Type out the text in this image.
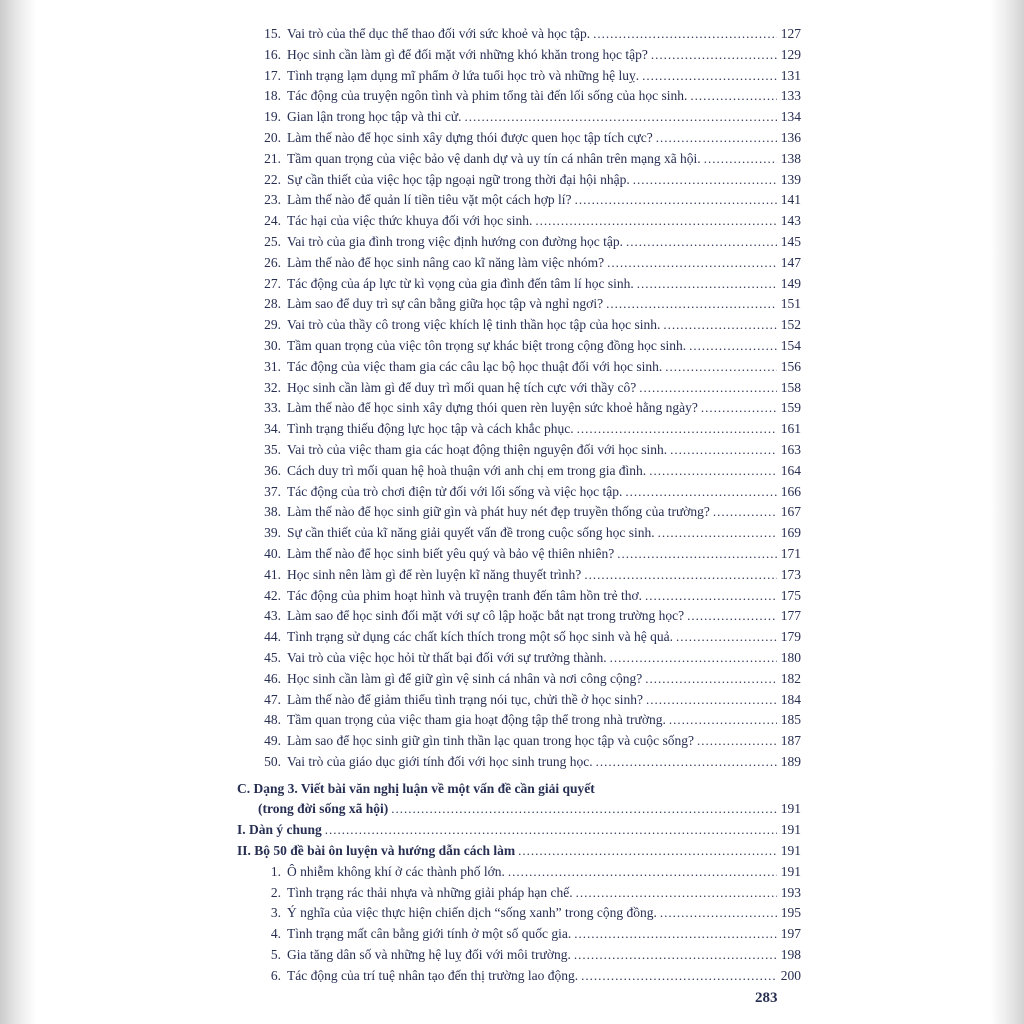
15. Vai trò của thể dục thể thao đối với sức khoẻ và học tập. .....	127
16. Học sinh cần làm gì để đối mặt với những khó khăn trong học tập? .....	129
17. Tình trạng lạm dụng mĩ phẩm ở lứa tuổi học trò và những hệ luỵ. .....	131
18. Tác động của truyện ngôn tình và phim tổng tài đến lối sống của học sinh. .....	133
19. Gian lận trong học tập và thi cử. .....	134
20. Làm thế nào để học sinh xây dựng thói được quen học tập tích cực? .....	136
21. Tầm quan trọng của việc bảo vệ danh dự và uy tín cá nhân trên mạng xã hội. .....	138
22. Sự cần thiết của việc học tập ngoại ngữ trong thời đại hội nhập. .....	139
23. Làm thế nào để quản lí tiền tiêu vặt một cách hợp lí? .....	141
24. Tác hại của việc thức khuya đối với học sinh. .....	143
25. Vai trò của gia đình trong việc định hướng con đường học tập. .....	145
26. Làm thế nào để học sinh nâng cao kĩ năng làm việc nhóm? .....	147
27. Tác động của áp lực từ kì vọng của gia đình đến tâm lí học sinh. .....	149
28. Làm sao để duy trì sự cân bằng giữa học tập và nghỉ ngơi? .....	151
29. Vai trò của thầy cô trong việc khích lệ tinh thần học tập của học sinh. .....	152
30. Tầm quan trọng của việc tôn trọng sự khác biệt trong cộng đồng học sinh. .....	154
31. Tác động của việc tham gia các câu lạc bộ học thuật đối với học sinh. .....	156
32. Học sinh cần làm gì để duy trì mối quan hệ tích cực với thầy cô? .....	158
33. Làm thế nào để học sinh xây dựng thói quen rèn luyện sức khoẻ hằng ngày? .....	159
34. Tình trạng thiếu động lực học tập và cách khắc phục. .....	161
35. Vai trò của việc tham gia các hoạt động thiện nguyện đối với học sinh. .....	163
36. Cách duy trì mối quan hệ hoà thuận với anh chị em trong gia đình. .....	164
37. Tác động của trò chơi điện tử đối với lối sống và việc học tập. .....	166
38. Làm thế nào để học sinh giữ gìn và phát huy nét đẹp truyền thống của trường? .....	167
39. Sự cần thiết của kĩ năng giải quyết vấn đề trong cuộc sống học sinh. .....	169
40. Làm thế nào để học sinh biết yêu quý và bảo vệ thiên nhiên? .....	171
41. Học sinh nên làm gì để rèn luyện kĩ năng thuyết trình? .....	173
42. Tác động của phim hoạt hình và truyện tranh đến tâm hồn trẻ thơ. .....	175
43. Làm sao để học sinh đối mặt với sự cô lập hoặc bắt nạt trong trường học? .....	177
44. Tình trạng sử dụng các chất kích thích trong một số học sinh và hệ quả. .....	179
45. Vai trò của việc học hỏi từ thất bại đối với sự trưởng thành. .....	180
46. Học sinh cần làm gì để giữ gìn vệ sinh cá nhân và nơi công cộng? .....	182
47. Làm thế nào để giảm thiểu tình trạng nói tục, chửi thề ở học sinh? .....	184
48. Tầm quan trọng của việc tham gia hoạt động tập thể trong nhà trường. .....	185
49. Làm sao để học sinh giữ gìn tinh thần lạc quan trong học tập và cuộc sống? .....	187
50. Vai trò của giáo dục giới tính đối với học sinh trung học. .....	189
C. Dạng 3. Viết bài văn nghị luận về một vấn đề cần giải quyết
(trong đời sống xã hội) .....	191
I. Dàn ý chung .....	191
II. Bộ 50 đề bài ôn luyện và hướng dẫn cách làm .....	191
1. Ô nhiễm không khí ở các thành phố lớn. .....	191
2. Tình trạng rác thải nhựa và những giải pháp hạn chế. .....	193
3. Ý nghĩa của việc thực hiện chiến dịch “sống xanh” trong cộng đồng. .....	195
4. Tình trạng mất cân bằng giới tính ở một số quốc gia. .....	197
5. Gia tăng dân số và những hệ luỵ đối với môi trường. .....	198
6. Tác động của trí tuệ nhân tạo đến thị trường lao động. .....	200
283
